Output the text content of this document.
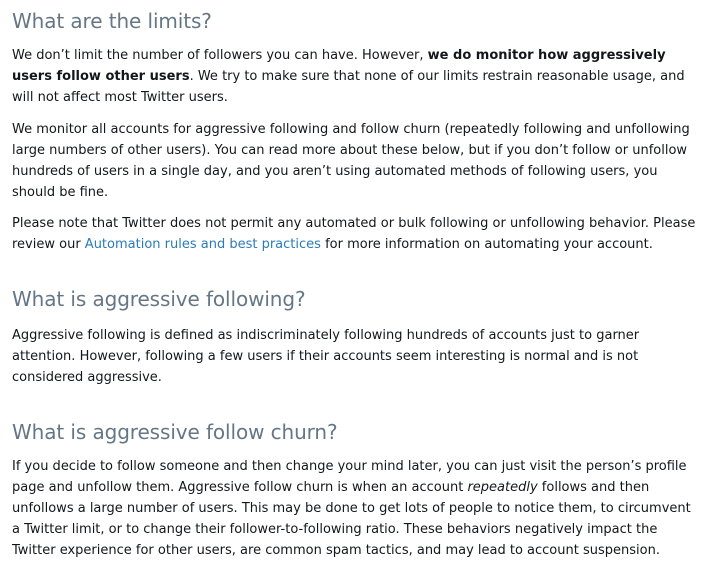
What are the limits?

We don’t limit the number of followers you can have. However, we do monitor how aggressively users follow other users. We try to make sure that none of our limits restrain reasonable usage, and will not affect most Twitter users.

We monitor all accounts for aggressive following and follow churn (repeatedly following and unfollowing large numbers of other users). You can read more about these below, but if you don’t follow or unfollow hundreds of users in a single day, and you aren’t using automated methods of following users, you should be fine.

Please note that Twitter does not permit any automated or bulk following or unfollowing behavior. Please review our Automation rules and best practices for more information on automating your account.

What is aggressive following?

Aggressive following is defined as indiscriminately following hundreds of accounts just to garner attention. However, following a few users if their accounts seem interesting is normal and is not considered aggressive.

What is aggressive follow churn?

If you decide to follow someone and then change your mind later, you can just visit the person’s profile page and unfollow them. Aggressive follow churn is when an account repeatedly follows and then unfollows a large number of users. This may be done to get lots of people to notice them, to circumvent a Twitter limit, or to change their follower-to-following ratio. These behaviors negatively impact the Twitter experience for other users, are common spam tactics, and may lead to account suspension.
